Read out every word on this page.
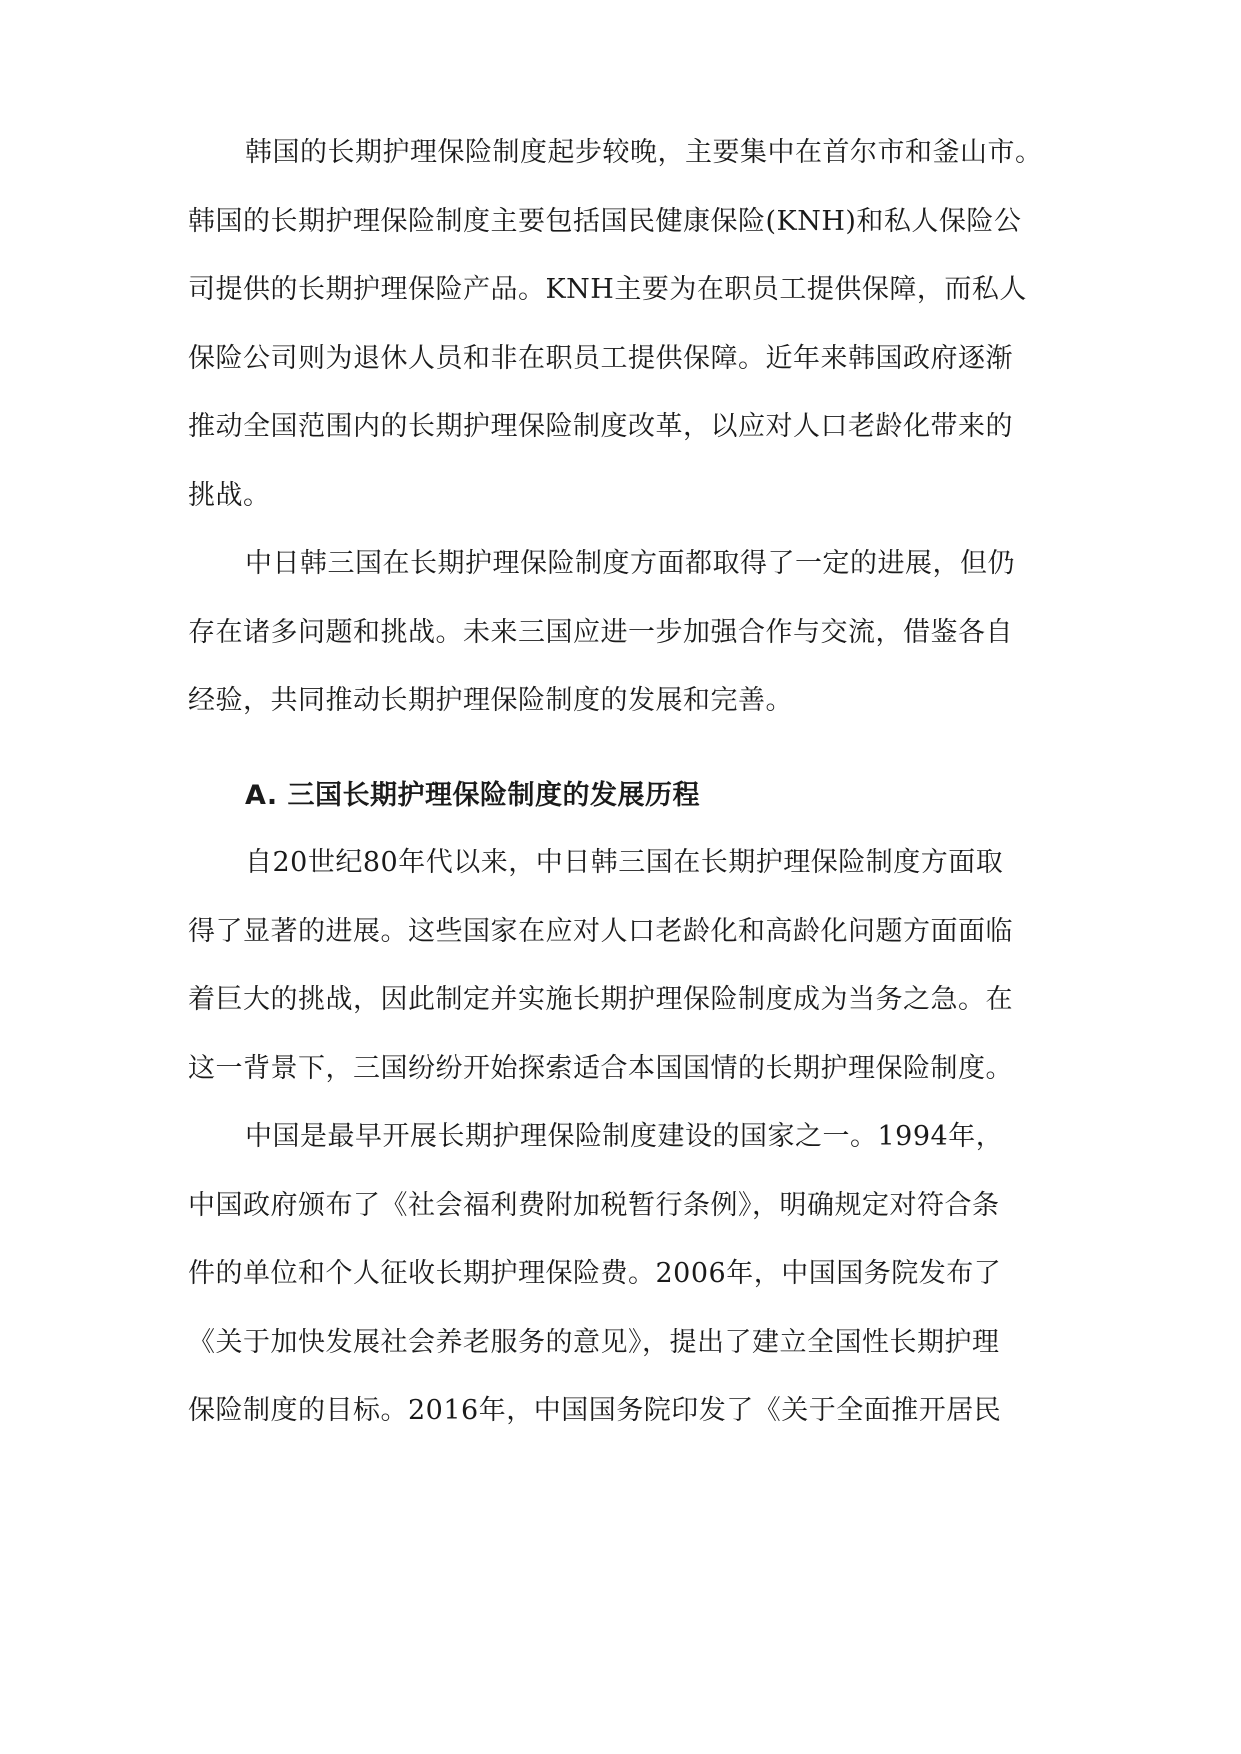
韩国的长期护理保险制度起步较晚，主要集中在首尔市和釜山市。
韩国的长期护理保险制度主要包括国民健康保险(KNH)和私人保险公
司提供的长期护理保险产品。KNH主要为在职员工提供保障，而私人
保险公司则为退休人员和非在职员工提供保障。近年来韩国政府逐渐
推动全国范围内的长期护理保险制度改革，以应对人口老龄化带来的
挑战。
中日韩三国在长期护理保险制度方面都取得了一定的进展，但仍
存在诸多问题和挑战。未来三国应进一步加强合作与交流，借鉴各自
经验，共同推动长期护理保险制度的发展和完善。
A. 三国长期护理保险制度的发展历程
自20世纪80年代以来，中日韩三国在长期护理保险制度方面取
得了显著的进展。这些国家在应对人口老龄化和高龄化问题方面面临
着巨大的挑战，因此制定并实施长期护理保险制度成为当务之急。在
这一背景下，三国纷纷开始探索适合本国国情的长期护理保险制度。
中国是最早开展长期护理保险制度建设的国家之一。1994年，
中国政府颁布了《社会福利费附加税暂行条例》，明确规定对符合条
件的单位和个人征收长期护理保险费。2006年，中国国务院发布了
《关于加快发展社会养老服务的意见》，提出了建立全国性长期护理
保险制度的目标。2016年，中国国务院印发了《关于全面推开居民
